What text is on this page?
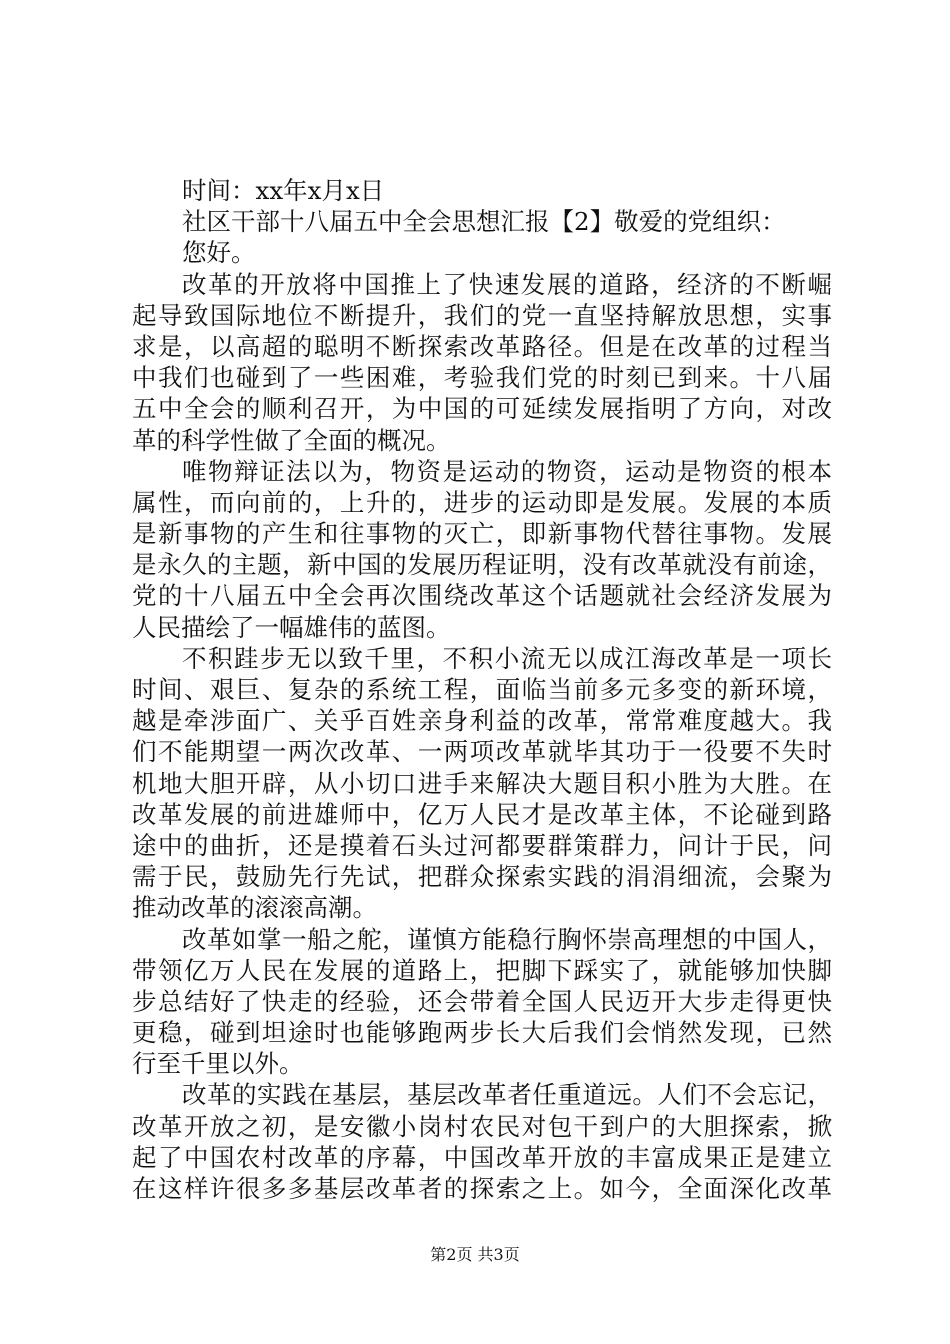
时间：xx年x月x日
社区干部十八届五中全会思想汇报【2】敬爱的党组织：
您好。
改革的开放将中国推上了快速发展的道路，经济的不断崛
起导致国际地位不断提升，我们的党一直坚持解放思想，实事
求是，以高超的聪明不断探索改革路径。但是在改革的过程当
中我们也碰到了一些困难，考验我们党的时刻已到来。十八届
五中全会的顺利召开，为中国的可延续发展指明了方向，对改
革的科学性做了全面的概况。
唯物辩证法以为，物资是运动的物资，运动是物资的根本
属性，而向前的，上升的，进步的运动即是发展。发展的本质
是新事物的产生和往事物的灭亡，即新事物代替往事物。发展
是永久的主题，新中国的发展历程证明，没有改革就没有前途，
党的十八届五中全会再次围绕改革这个话题就社会经济发展为
人民描绘了一幅雄伟的蓝图。
不积跬步无以致千里，不积小流无以成江海改革是一项长
时间、艰巨、复杂的系统工程，面临当前多元多变的新环境，
越是牵涉面广、关乎百姓亲身利益的改革，常常难度越大。我
们不能期望一两次改革、一两项改革就毕其功于一役要不失时
机地大胆开辟，从小切口进手来解决大题目积小胜为大胜。在
改革发展的前进雄师中，亿万人民才是改革主体，不论碰到路
途中的曲折，还是摸着石头过河都要群策群力，问计于民，问
需于民，鼓励先行先试，把群众探索实践的涓涓细流，会聚为
推动改革的滚滚高潮。
改革如掌一船之舵，谨慎方能稳行胸怀崇高理想的中国人，
带领亿万人民在发展的道路上，把脚下踩实了，就能够加快脚
步总结好了快走的经验，还会带着全国人民迈开大步走得更快
更稳，碰到坦途时也能够跑两步长大后我们会悄然发现，已然
行至千里以外。
改革的实践在基层，基层改革者任重道远。人们不会忘记，
改革开放之初，是安徽小岗村农民对包干到户的大胆探索，掀
起了中国农村改革的序幕，中国改革开放的丰富成果正是建立
在这样许很多多基层改革者的探索之上。如今，全面深化改革
第2页 共3页
